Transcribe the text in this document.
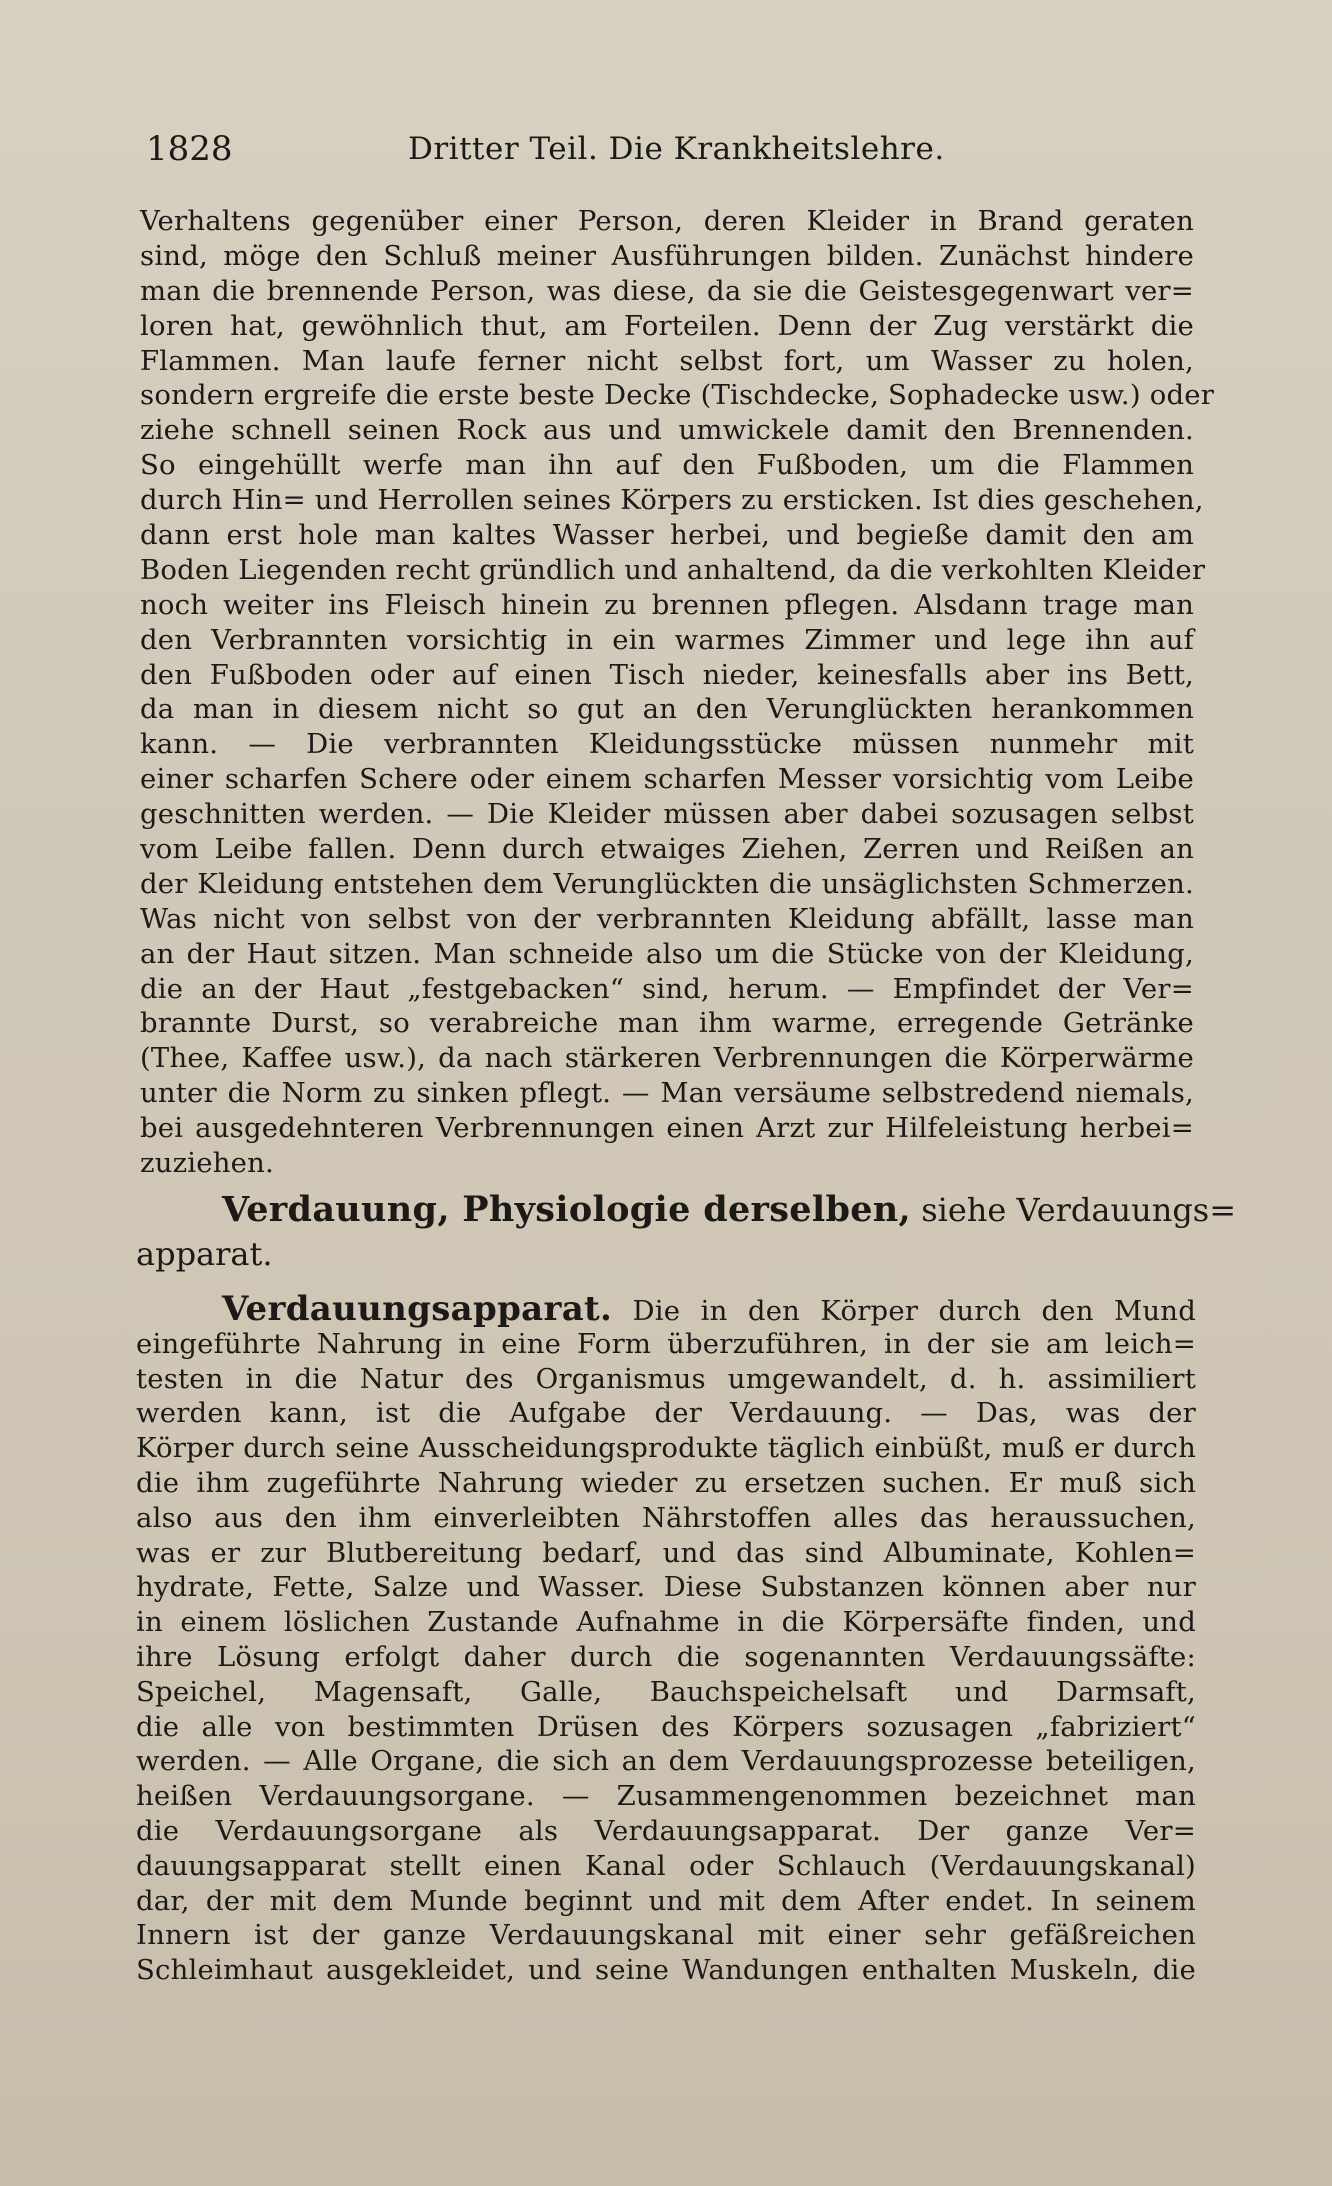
1828	Dritter Teil. Die Krankheitslehre.
Verhaltens gegenüber einer Person, deren Kleider in Brand geraten
sind, möge den Schluß meiner Ausführungen bilden. Zunächst hindere
man die brennende Person, was diese, da sie die Geistesgegenwart ver=
loren hat, gewöhnlich thut, am Forteilen. Denn der Zug verstärkt die
Flammen. Man laufe ferner nicht selbst fort, um Wasser zu holen,
sondern ergreife die erste beste Decke (Tischdecke, Sophadecke usw.) oder
ziehe schnell seinen Rock aus und umwickele damit den Brennenden.
So eingehüllt werfe man ihn auf den Fußboden, um die Flammen
durch Hin= und Herrollen seines Körpers zu ersticken. Ist dies geschehen,
dann erst hole man kaltes Wasser herbei, und begieße damit den am
Boden Liegenden recht gründlich und anhaltend, da die verkohlten Kleider
noch weiter ins Fleisch hinein zu brennen pflegen. Alsdann trage man
den Verbrannten vorsichtig in ein warmes Zimmer und lege ihn auf
den Fußboden oder auf einen Tisch nieder, keinesfalls aber ins Bett,
da man in diesem nicht so gut an den Verunglückten herankommen
kann. — Die verbrannten Kleidungsstücke müssen nunmehr mit
einer scharfen Schere oder einem scharfen Messer vorsichtig vom Leibe
geschnitten werden. — Die Kleider müssen aber dabei sozusagen selbst
vom Leibe fallen. Denn durch etwaiges Ziehen, Zerren und Reißen an
der Kleidung entstehen dem Verunglückten die unsäglichsten Schmerzen.
Was nicht von selbst von der verbrannten Kleidung abfällt, lasse man
an der Haut sitzen. Man schneide also um die Stücke von der Kleidung,
die an der Haut „festgebacken“ sind, herum. — Empfindet der Ver=
brannte Durst, so verabreiche man ihm warme, erregende Getränke
(Thee, Kaffee usw.), da nach stärkeren Verbrennungen die Körperwärme
unter die Norm zu sinken pflegt. — Man versäume selbstredend niemals,
bei ausgedehnteren Verbrennungen einen Arzt zur Hilfeleistung herbei=
zuziehen.
Verdauung, Physiologie derselben, siehe Verdauungs=
apparat.
Verdauungsapparat. Die in den Körper durch den Mund
eingeführte Nahrung in eine Form überzuführen, in der sie am leich=
testen in die Natur des Organismus umgewandelt, d. h. assimiliert
werden kann, ist die Aufgabe der Verdauung. — Das, was der
Körper durch seine Ausscheidungsprodukte täglich einbüßt, muß er durch
die ihm zugeführte Nahrung wieder zu ersetzen suchen. Er muß sich
also aus den ihm einverleibten Nährstoffen alles das heraussuchen,
was er zur Blutbereitung bedarf, und das sind Albuminate, Kohlen=
hydrate, Fette, Salze und Wasser. Diese Substanzen können aber nur
in einem löslichen Zustande Aufnahme in die Körpersäfte finden, und
ihre Lösung erfolgt daher durch die sogenannten Verdauungssäfte:
Speichel, Magensaft, Galle, Bauchspeichelsaft und Darmsaft,
die alle von bestimmten Drüsen des Körpers sozusagen „fabriziert“
werden. — Alle Organe, die sich an dem Verdauungsprozesse beteiligen,
heißen Verdauungsorgane. — Zusammengenommen bezeichnet man
die Verdauungsorgane als Verdauungsapparat. Der ganze Ver=
dauungsapparat stellt einen Kanal oder Schlauch (Verdauungskanal)
dar, der mit dem Munde beginnt und mit dem After endet. In seinem
Innern ist der ganze Verdauungskanal mit einer sehr gefäßreichen
Schleimhaut ausgekleidet, und seine Wandungen enthalten Muskeln, die
